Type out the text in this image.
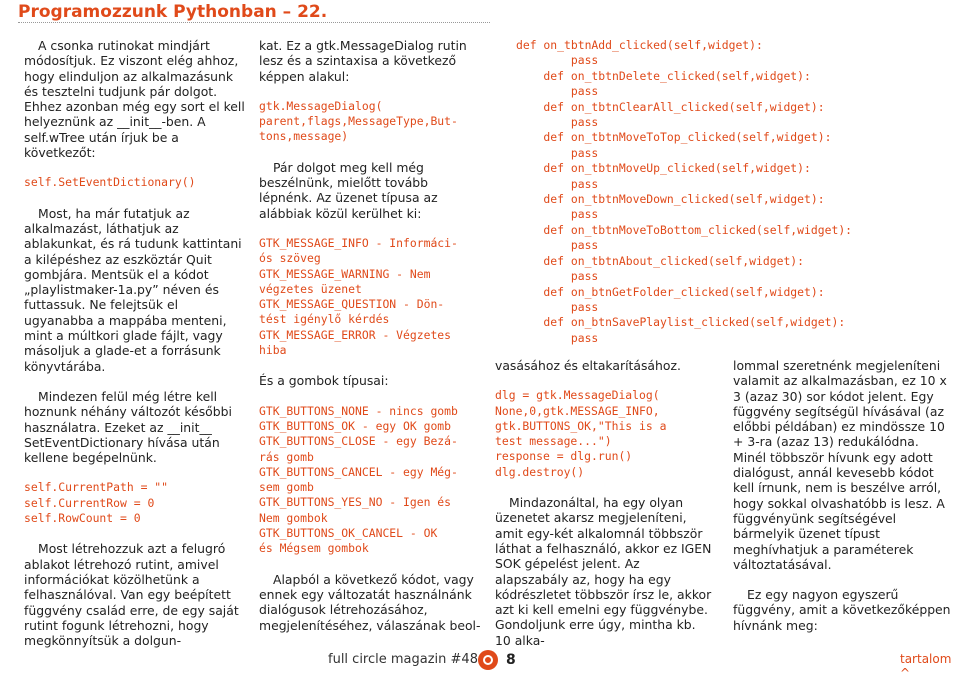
Programozzunk Pythonban – 22.

A csonka rutinokat mindjárt módosítjuk. Ez viszont elég ahhoz, hogy elinduljon az alkalmazásunk és tesztelni tudjunk pár dolgot. Ehhez azonban még egy sort el kell helyeznünk az __init__-ben. A self.wTree után írjuk be a következőt:

self.SetEventDictionary()

Most, ha már futatjuk az alkalmazást, láthatjuk az ablakunkat, és rá tudunk kattintani a kilépéshez az eszköztár Quit gombjára. Mentsük el a kódot „playlistmaker-1a.py” néven és futtassuk. Ne felejtsük el ugyanabba a mappába menteni, mint a múltkori glade fájlt, vagy másoljuk a glade-et a forrásunk könyvtárába.

Mindezen felül még létre kell hoznunk néhány változót későbbi használatra. Ezeket az __init__ SetEventDictionary hívása után kellene begépelnünk.

self.CurrentPath = ""
self.CurrentRow = 0
self.RowCount = 0

Most létrehozzuk azt a felugró ablakot létrehozó rutint, amivel információkat közölhetünk a felhasználóval. Van egy beépített függvény család erre, de egy saját rutint fogunk létrehozni, hogy megkönnyítsük a dolgun-

kat. Ez a gtk.MessageDialog rutin lesz és a szintaxisa a következő képpen alakul:

gtk.MessageDialog(
parent,flags,MessageType,But-
tons,message)

Pár dolgot meg kell még beszélnünk, mielőtt tovább lépnénk. Az üzenet típusa az alábbiak közül kerülhet ki:

GTK_MESSAGE_INFO - Informáci-
ós szöveg
GTK_MESSAGE_WARNING - Nem
végzetes üzenet
GTK_MESSAGE_QUESTION - Dön-
tést igénylő kérdés
GTK_MESSAGE_ERROR - Végzetes
hiba

És a gombok típusai:

GTK_BUTTONS_NONE - nincs gomb
GTK_BUTTONS_OK - egy OK gomb
GTK_BUTTONS_CLOSE - egy Bezá-
rás gomb
GTK_BUTTONS_CANCEL - egy Még-
sem gomb
GTK_BUTTONS_YES_NO - Igen és
Nem gombok
GTK_BUTTONS_OK_CANCEL - OK
és Mégsem gombok

Alapból a következő kódot, vagy ennek egy változatát használnánk dialógusok létrehozásához, megjelenítéséhez, válaszának beol-

def on_tbtnAdd_clicked(self,widget):
pass
def on_tbtnDelete_clicked(self,widget):
pass
def on_tbtnClearAll_clicked(self,widget):
pass
def on_tbtnMoveToTop_clicked(self,widget):
pass
def on_tbtnMoveUp_clicked(self,widget):
pass
def on_tbtnMoveDown_clicked(self,widget):
pass
def on_tbtnMoveToBottom_clicked(self,widget):
pass
def on_tbtnAbout_clicked(self,widget):
pass
def on_btnGetFolder_clicked(self,widget):
pass
def on_btnSavePlaylist_clicked(self,widget):
pass

vasásához és eltakarításához.

dlg = gtk.MessageDialog(
None,0,gtk.MESSAGE_INFO,
gtk.BUTTONS_OK,"This is a
test message...")
response = dlg.run()
dlg.destroy()

Mindazonáltal, ha egy olyan üzenetet akarsz megjeleníteni, amit egy-két alkalomnál többször láthat a felhasználó, akkor ez IGEN SOK gépelést jelent. Az alapszabály az, hogy ha egy kódrészletet többször írsz le, akkor azt ki kell emelni egy függvénybe. Gondoljunk erre úgy, mintha kb. 10 alka-

lommal szeretnénk megjeleníteni valamit az alkalmazásban, ez 10 x 3 (azaz 30) sor kódot jelent. Egy függvény segítségül hívásával (az előbbi példában) ez mindössze 10 + 3-ra (azaz 13) redukálódna. Minél többször hívunk egy adott dialógust, annál kevesebb kódot kell írnunk, nem is beszélve arról, hogy sokkal olvashatóbb is lesz. A függvényünk segítségével bármelyik üzenet típust meghívhatjuk a paraméterek változtatásával.

Ez egy nagyon egyszerű függvény, amit a következőképpen hívnánk meg:

full circle magazin #48 8	tartalom ^
